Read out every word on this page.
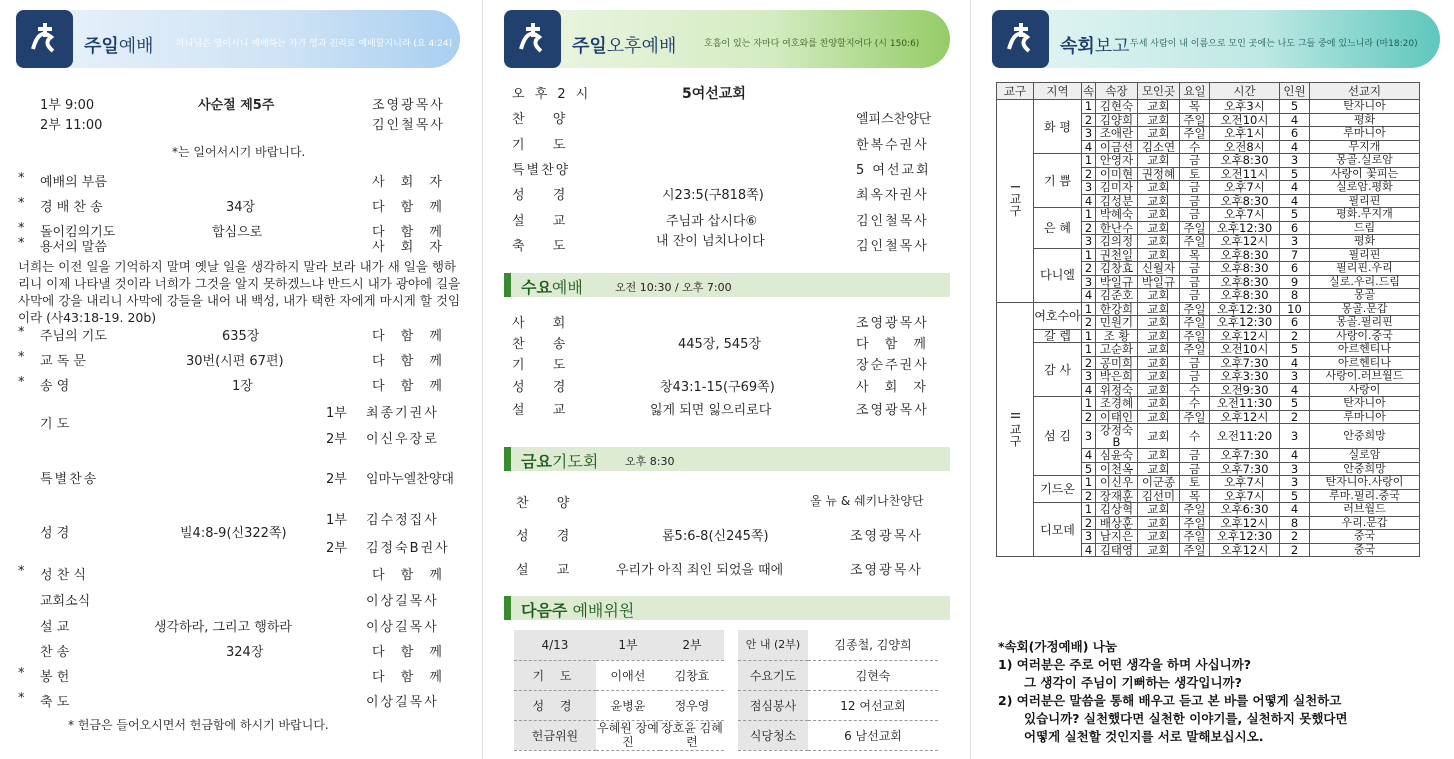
주일예배 하나님은 영이시니 예배하는 자가 영과 진리로 예배할지니라 (요 4:24)
1부 9:00
2부 11:00
사순절 제5주	조영광목사
김인철목사
*는 일어서시기 바랍니다.
* 예배의 부름	사 회 자
* 경 배 찬 송	34장	다 함 께
* 돌이킴의기도	합심으로	다 함 께
* 용서의 말씀	사 회 자
너희는 이전 일을 기억하지 말며 옛날 일을 생각하지 말라 보라 내가 새 일을 행하리니 이제 나타낼 것이라 너희가 그것을 알지 못하겠느냐 반드시 내가 광야에 길을 사막에 강을 내리니 사막에 강들을 내어 내 백성, 내가 택한 자에게 마시게 할 것임이라 (사43:18-19. 20b)
* 주님의 기도	635장	다 함 께
* 교 독 문	30번(시편 67편)	다 함 께
* 송 영	1장	다 함 께
기 도
1부 최종기권사
2부 이신우장로
특별찬송	2부 임마누엘찬양대
성 경	빌4:8-9(신322쪽)
1부 김수정집사
2부 김정숙B권사
* 성 찬 식	다 함 께
교회소식	이상길목사
설 교	생각하라, 그리고 행하라	이상길목사
찬 송	324장	다 함 께
* 봉 헌	다 함 께
* 축 도	이상길목사
* 헌금은 들어오시면서 헌금함에 하시기 바랍니다.
주일오후예배	호흡이 있는 자마다 여호와를 찬양할지어다 (시 150:6)
오 후 2 시	5여선교회
찬 양	엘피스찬양단
기 도	한복수권사
특별찬양	5 여선교회
성 경	시23:5(구818쪽)	최옥자권사
설 교	주님과 삽시다⑥	김인철목사
축 도	내 잔이 넘치나이다	김인철목사
수요예배	오전 10:30 / 오후 7:00
사 회	조영광목사
찬 송	445장, 545장	다 함 께
기 도	장순주권사
성 경	창43:1-15(구69쪽)	사 회 자
설 교	잃게 되면 잃으리로다	조영광목사
금요기도회 오후 8:30
찬 양	올 뉴 & 쉐키나찬양단
성 경	롬5:6-8(신245쪽)	조영광목사
설 교	우리가 아직 죄인 되었을 때에	조영광목사
다음주 예배위원
4/13	1부	2부
기 도	이애선	김창효
성 경	윤병윤	정우영
헌금위원	우혜원 장예진	장호윤 김혜련
안 내 (2부)	김종철, 김양희
수요기도	김현숙
점심봉사	12 여선교회
식당청소	6 남선교회
속회보고 두세 사람이 내 이름으로 모인 곳에는 나도 그들 중에 있느니라 (마18:20)
교구	지역	속	속장	모인곳	요일	시간	인원	선교지
I 교구	화 평	1	김현숙	교회	목	오후3시	5	탄자니아
		2	김양희	교회	주일	오전10시	4	평화
		3	조애란	교회	주일	오후1시	6	루마니아
		4	이금선	김소연	수	오전8시	4	무지개
	기 쁨	1	안영자	교회	금	오후8:30	3	몽골.실로암
		2	이미현	권정혜	토	오전11시	5	사랑이 꽃피는
		3	김미자	교회	금	오후7시	4	실로암.평화
		4	김성분	교회	금	오후8:30	4	필리핀
	은 혜	1	박혜숙	교회	금	오후7시	5	평화.무지개
		2	한난수	교회	주일	오후12:30	6	드림
		3	김의정	교회	주일	오후12시	3	평화
	다니엘	1	권천일	교회	목	오후8:30	7	필리핀
		2	김창효	신월자	금	오후8:30	6	필리핀.우리
		3	박일규	박일규	금	오후8:30	9	실로.우리.드림
		4	김준호	교회	금	오후8:30	8	몽골
II 교구	여호수아	1	한강희	교회	주일	오후12:30	10	몽골.문갑
		2	민원기	교회	주일	오후12:30	6	몽골.필리핀
	갈 렙	1	조 황	교회	주일	오후12시	2	사랑이.중국
	감 사	1	고순화	교회	주일	오전10시	5	아르헨티나
		2	공미희	교회	금	오후7:30	4	아르헨티나
		3	박은희	교회	금	오후3:30	3	사랑이.러브월드
		4	위정숙	교회	수	오전9:30	4	사랑이
	섬 김	1	조경혜	교회	수	오전11:30	5	탄자니아
		2	이태인	교회	주일	오후12시	2	루마니아
		3	강정숙B	교회	수	오전11:20	3	안중희망
		4	심윤숙	교회	금	오후7:30	4	실로암
		5	이천옥	교회	금	오후7:30	3	안중희망
	기드온	1	이신우	이군종	토	오후7시	3	탄자니아.사랑이
		2	장재훈	김선미	목	오후7시	5	루마.필리.중국
	디모데	1	김상혁	교회	주일	오후6:30	4	러브월드
		2	배상훈	교회	주일	오후12시	8	우리.문갑
		3	남지은	교회	주일	오후12:30	2	중국
		4	김태영	교회	주일	오후12시	2	중국
*속회(가정예배) 나눔
1) 여러분은 주로 어떤 생각을 하며 사십니까?
그 생각이 주님이 기뻐하는 생각입니까?
2) 여러분은 말씀을 통해 배우고 듣고 본 바를 어떻게 실천하고
있습니까? 실천했다면 실천한 이야기를, 실천하지 못했다면
어떻게 실천할 것인지를 서로 말해보십시오.
